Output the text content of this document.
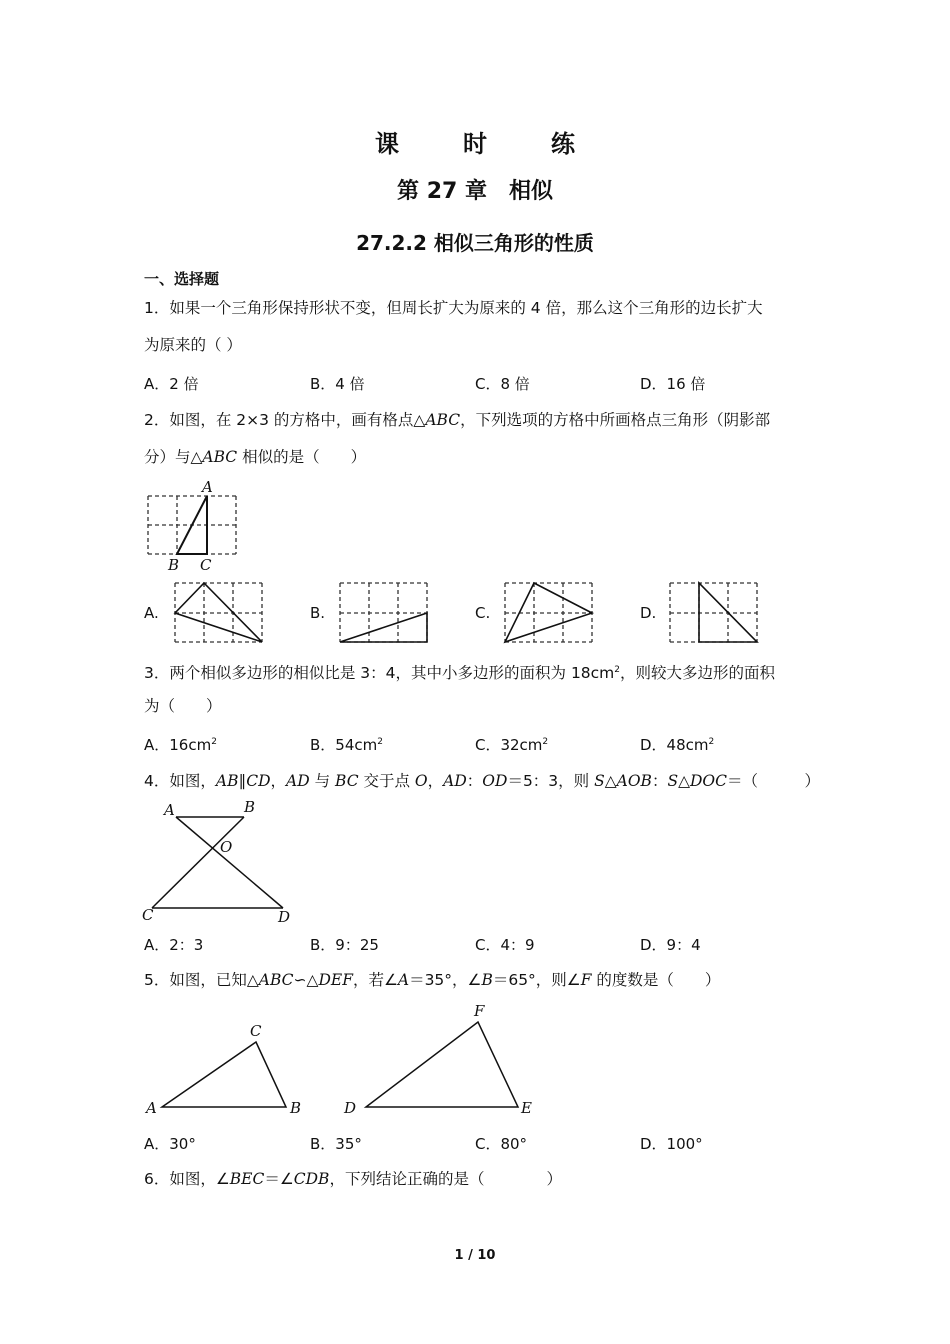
课　时　练
第 27 章　相似
27.2.2 相似三角形的性质
一、选择题
1．如果一个三角形保持形状不变，但周长扩大为原来的 4 倍，那么这个三角形的边长扩大
为原来的（ ）
A．2 倍	B．4 倍	C．8 倍	D．16 倍
2．如图，在 2×3 的方格中，画有格点△ABC，下列选项的方格中所画格点三角形（阴影部
分）与△ABC 相似的是（　　）
A
B C
A.	B.	C.	D.
3．两个相似多边形的相似比是 3：4，其中小多边形的面积为 $18cm^2$，则较大多边形的面积
为（　　）
A．$16cm^2$	B．$54cm^2$	C．$32cm^2$	D．$48cm^2$
4．如图，AB∥CD，AD 与 BC 交于点 O，AD：OD＝5：3，则 S△AOB：S△DOC＝（　　　）
A	B
O
C	D
A．2：3	B．9：25	C．4：9	D．9：4
5．如图，已知△ABC∽△DEF，若∠A＝35°，∠B＝65°，则∠F 的度数是（　　）
A	B
C
D	E
F
A．30°	B．35°	C．80°	D．100°
6．如图，∠BEC＝∠CDB，下列结论正确的是（　　　　）
1 / 10
